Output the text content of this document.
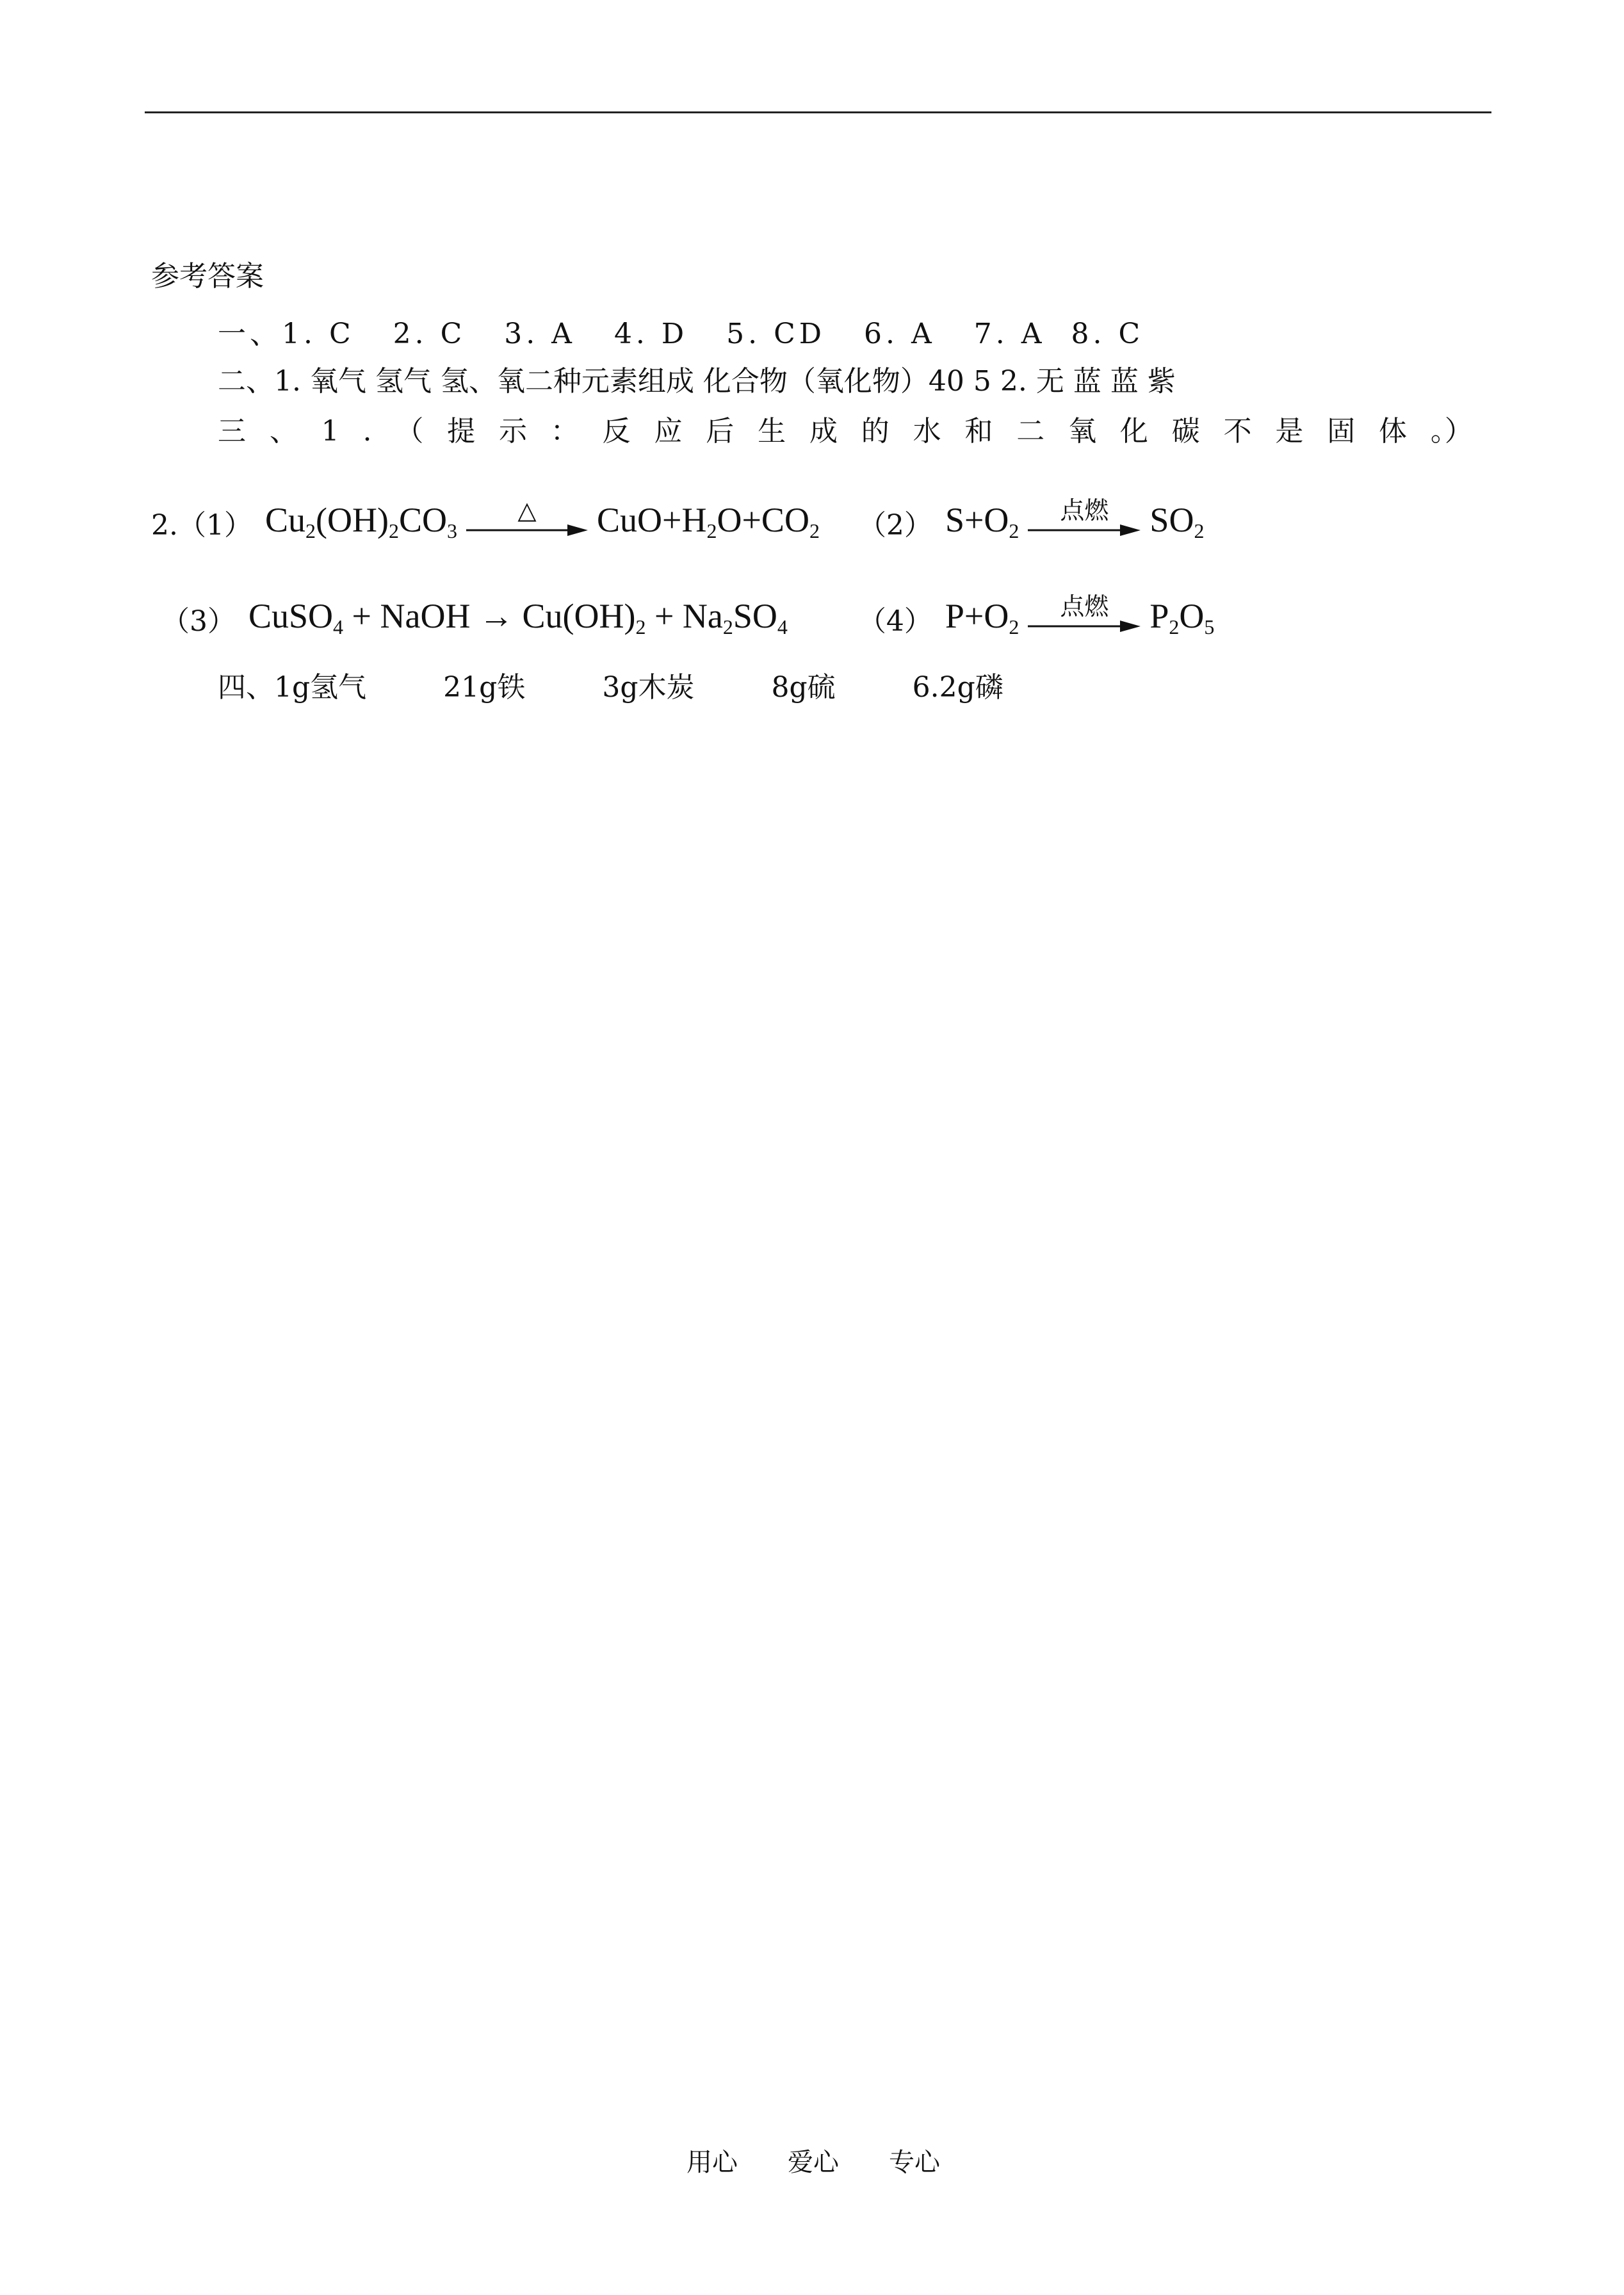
参考答案
一、1. C 2. C 3. A 4. D 5. CD 6. A 7. A 8. C
二、1. 氧气 氢气 氢、氧二种元素组成 化合物（氧化物）40 5 2. 无 蓝 蓝 紫
三 、 1 . （ 提 示 ： 反 应 后 生 成 的 水 和 二 氧 化 碳 不 是 固 体 。）
2.（1） $Cu_2(OH)_2CO_3$
△ $CuO+H_2O+CO_2$ （2） $S+O_2$
点燃 $SO_2$
（3） CuSO$_4$ + NaOH → $Cu(OH)_2 + Na_2SO_4$	（4） $P+O_2$
点燃 $P_2O_5$
四、1g氢气	21g铁	3g木炭	8g硫	6.2g磷
用心 爱心 专心
